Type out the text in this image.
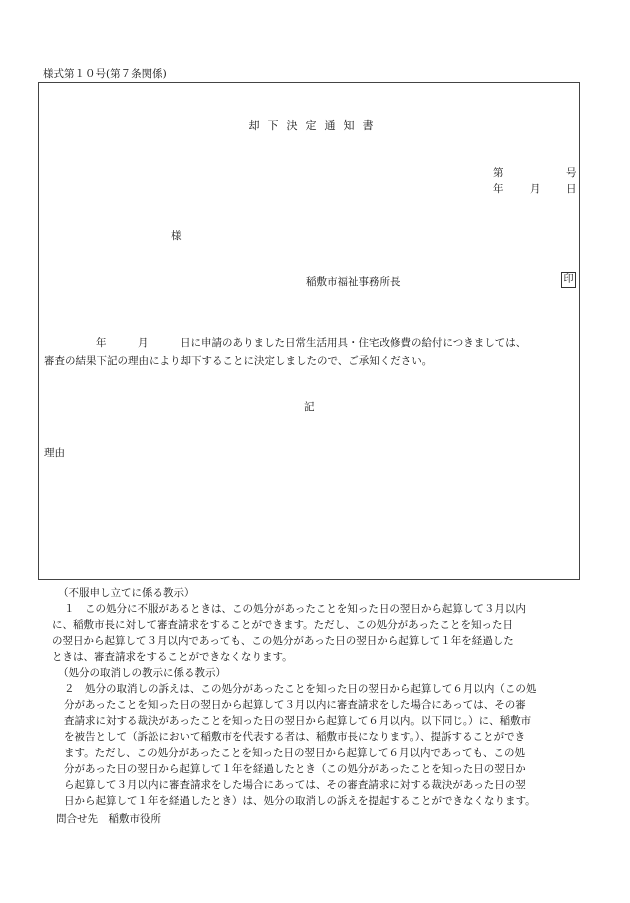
様式第１０号(第７条関係)
却下決定通知書
第	号
年	月 日
様
稲敷市福祉事務所長	印
年　　　月　　　日に申請のありました日常生活用具・住宅改修費の給付につきましては、
審査の結果下記の理由により却下することに決定しましたので、ご承知ください。
記
理由
（不服申し立てに係る教示）
１　この処分に不服があるときは、この処分があったことを知った日の翌日から起算して３月以内
に、稲敷市長に対して審査請求をすることができます。ただし、この処分があったことを知った日
の翌日から起算して３月以内であっても、この処分があった日の翌日から起算して１年を経過した
ときは、審査請求をすることができなくなります。
（処分の取消しの教示に係る教示）
２　処分の取消しの訴えは、この処分があったことを知った日の翌日から起算して６月以内（この処
分があったことを知った日の翌日から起算して３月以内に審査請求をした場合にあっては、その審
査請求に対する裁決があったことを知った日の翌日から起算して６月以内。以下同じ。）に、稲敷市
を被告として（訴訟において稲敷市を代表する者は、稲敷市長になります。）、提訴することができ
ます。ただし、この処分があったことを知った日の翌日から起算して６月以内であっても、この処
分があった日の翌日から起算して１年を経過したとき（この処分があったことを知った日の翌日か
ら起算して３月以内に審査請求をした場合にあっては、その審査請求に対する裁決があった日の翌
日から起算して１年を経過したとき）は、処分の取消しの訴えを提起することができなくなります。
問合せ先　稲敷市役所
